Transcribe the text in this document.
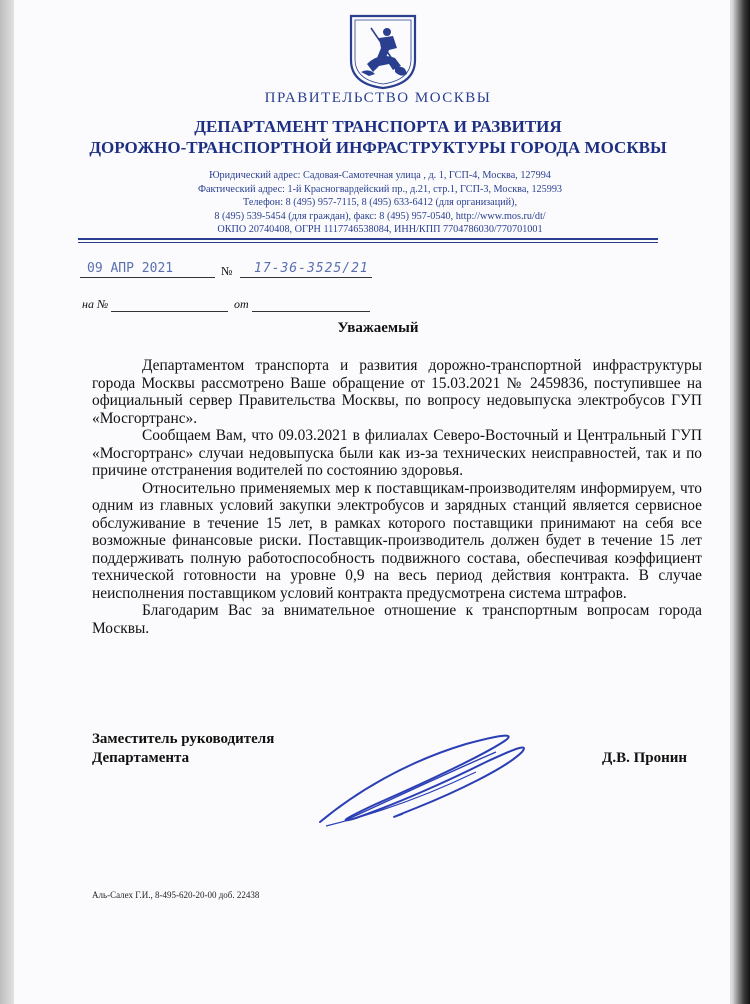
ПРАВИТЕЛЬСТВО МОСКВЫ
ДЕПАРТАМЕНТ ТРАНСПОРТА И РАЗВИТИЯ
ДОРОЖНО-ТРАНСПОРТНОЙ ИНФРАСТРУКТУРЫ ГОРОДА МОСКВЫ
Юридический адрес: Садовая-Самотечная улица , д. 1, ГСП-4, Москва, 127994
Фактический адрес: 1-й Красногвардейский пр., д.21, стр.1, ГСП-3, Москва, 125993
Телефон: 8 (495) 957-7115, 8 (495) 633-6412 (для организаций),
8 (495) 539-5454 (для граждан), факс: 8 (495) 957-0540, http://www.mos.ru/dt/
ОКПО 20740408, ОГРН 1117746538084, ИНН/КПП 7704786030/770701001
09 АПР 2021	№ 17-36-3525/21
на №	от
Уважаемый

Департаментом транспорта и развития дорожно-транспортной инфраструктуры города Москвы рассмотрено Ваше обращение от 15.03.2021 № 2459836, поступившее на официальный сервер Правительства Москвы, по вопросу недовыпуска электробусов ГУП «Мосгортранс».

Сообщаем Вам, что 09.03.2021 в филиалах Северо-Восточный и Центральный ГУП «Мосгортранс» случаи недовыпуска были как из-за технических неисправностей, так и по причине отстранения водителей по состоянию здоровья.

Относительно применяемых мер к поставщикам-производителям информируем, что одним из главных условий закупки электробусов и зарядных станций является сервисное обслуживание в течение 15 лет, в рамках которого поставщики принимают на себя все возможные финансовые риски. Поставщик-производитель должен будет в течение 15 лет поддерживать полную работоспособность подвижного состава, обеспечивая коэффициент технической готовности на уровне 0,9 на весь период действия контракта. В случае неисполнения поставщиком условий контракта предусмотрена система штрафов.

Благодарим Вас за внимательное отношение к транспортным вопросам города Москвы.

Заместитель руководителя
Департамента	Д.В. Пронин
Аль-Салех Г.И., 8-495-620-20-00 доб. 22438
